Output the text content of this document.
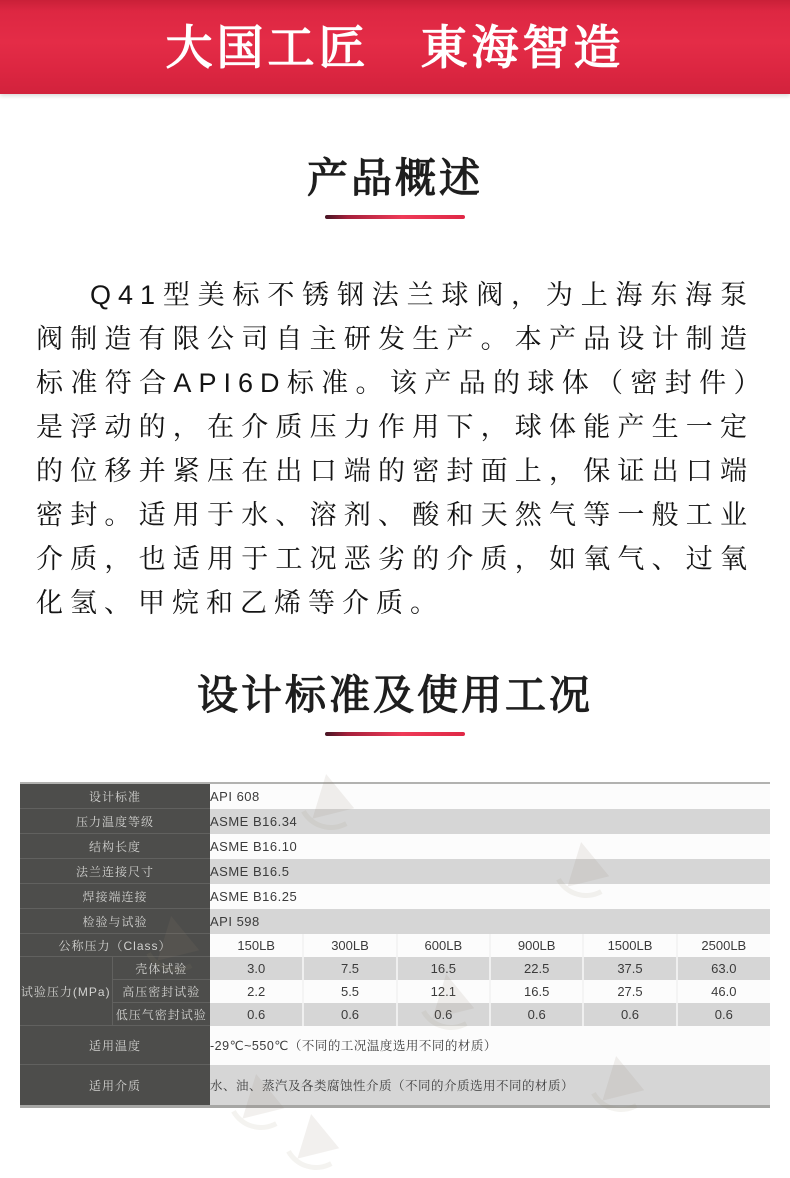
大国工匠　東海智造
产品概述

Q41型美标不锈钢法兰球阀，为上海东海泵阀制造有限公司自主研发生产。本产品设计制造标准符合API6D标准。该产品的球体（密封件）是浮动的，在介质压力作用下，球体能产生一定的位移并紧压在出口端的密封面上，保证出口端密封。适用于水、溶剂、酸和天然气等一般工业介质，也适用于工况恶劣的介质，如氧气、过氧化氢、甲烷和乙烯等介质。

设计标准及使用工况
设计标准		API 608					
压力温度等级		ASME B16.34					
结构长度		ASME B16.10					
法兰连接尺寸		ASME B16.5					
焊接端连接		ASME B16.25					
检验与试验		API 598					
公称压力（Class）		150LB	300LB	600LB	900LB	1500LB	2500LB
试验压力(MPa)	壳体试验	3.0	7.5	16.5	22.5	37.5	63.0
	高压密封试验	2.2	5.5	12.1	16.5	27.5	46.0
	低压气密封试验	0.6	0.6	0.6	0.6	0.6	0.6
适用温度		-29℃~550℃（不同的工况温度选用不同的材质）					
适用介质		水、油、蒸汽及各类腐蚀性介质（不同的介质选用不同的材质）					
